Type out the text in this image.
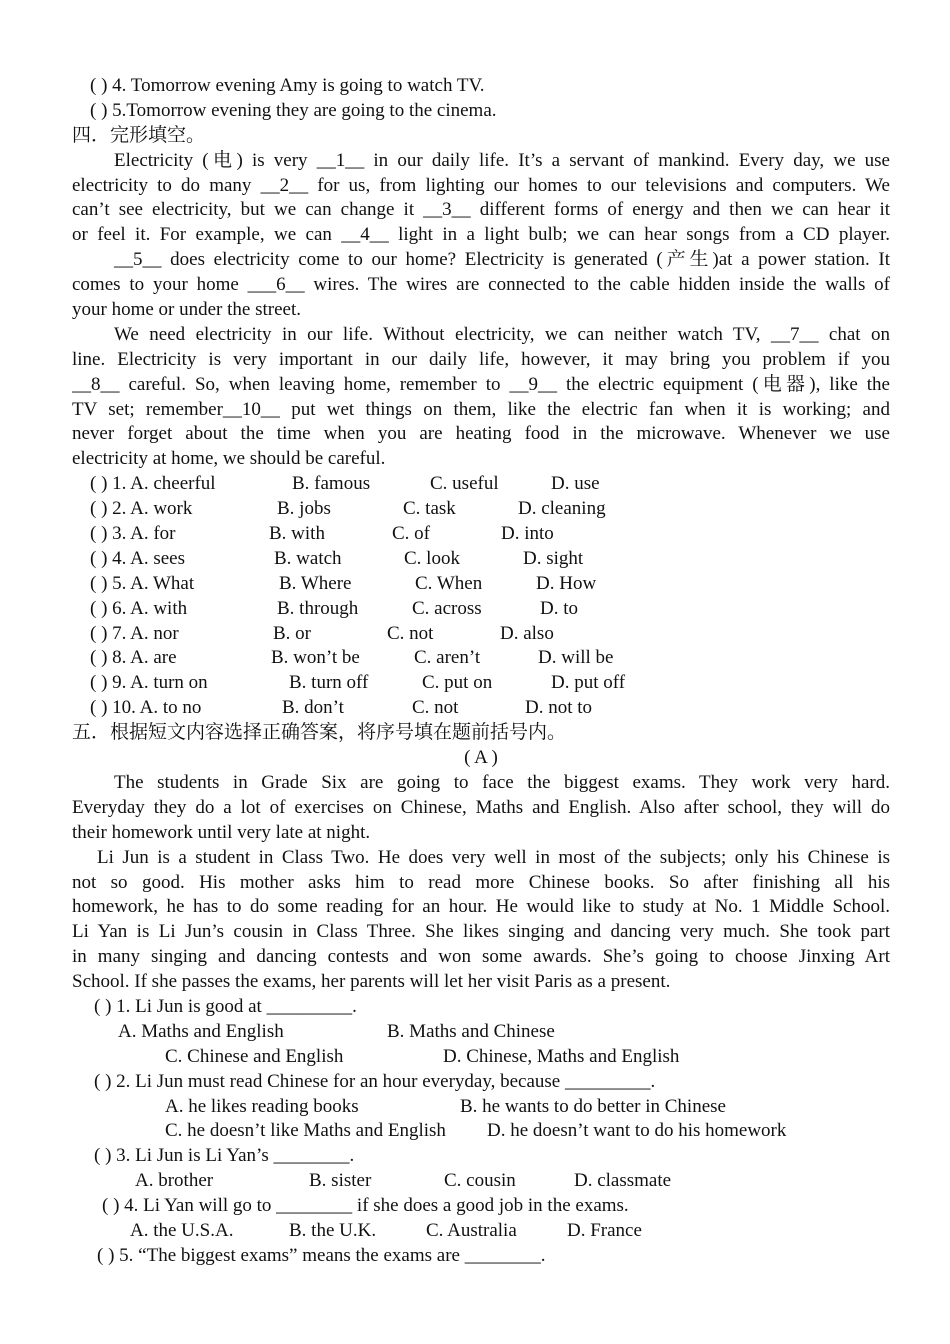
( ) 4. Tomorrow evening Amy is going to watch TV.
( ) 5.Tomorrow evening they are going to the cinema.
四．完形填空。
Electricity (电) is very __1__ in our daily life. It’s a servant of mankind. Every day, we use
electricity to do many __2__ for us, from lighting our homes to our televisions and computers. We
can’t see electricity, but we can change it __3__ different forms of energy and then we can hear it
or feel it. For example, we can __4__ light in a light bulb; we can hear songs from a CD player.
__5__ does electricity come to our home? Electricity is generated (产生)at a power station. It
comes to your home ___6__ wires. The wires are connected to the cable hidden inside the walls of
your home or under the street.
We need electricity in our life. Without electricity, we can neither watch TV, __7__ chat on
line. Electricity is very important in our daily life, however, it may bring you problem if you
__8__ careful. So, when leaving home, remember to __9__ the electric equipment (电器), like the
TV set; remember__10__ put wet things on them, like the electric fan when it is working; and
never forget about the time when you are heating food in the microwave. Whenever we use
electricity at home, we should be careful.
( ) 1. A. cheerful	B. famous	C. useful	D. use
( ) 2. A. work	B. jobs	C. task	D. cleaning
( ) 3. A. for	B. with	C. of	D. into
( ) 4. A. sees	B. watch	C. look	D. sight
( ) 5. A. What	B. Where	C. When	D. How
( ) 6. A. with	B. through	C. across	D. to
( ) 7. A. nor	B. or	C. not	D. also
( ) 8. A. are	B. won’t be	C. aren’t	D. will be
( ) 9. A. turn on	B. turn off	C. put on	D. put off
( ) 10. A. to no	B. don’t	C. not	D. not to
五．根据短文内容选择正确答案，将序号填在题前括号内。
( A )
The students in Grade Six are going to face the biggest exams. They work very hard.
Everyday they do a lot of exercises on Chinese, Maths and English. Also after school, they will do
their homework until very late at night.
Li Jun is a student in Class Two. He does very well in most of the subjects; only his Chinese is
not so good. His mother asks him to read more Chinese books. So after finishing all his
homework, he has to do some reading for an hour. He would like to study at No. 1 Middle School.
Li Yan is Li Jun’s cousin in Class Three. She likes singing and dancing very much. She took part
in many singing and dancing contests and won some awards. She’s going to choose Jinxing Art
School. If she passes the exams, her parents will let her visit Paris as a present.
( ) 1. Li Jun is good at _________.
A. Maths and English	B. Maths and Chinese
C. Chinese and English	D. Chinese, Maths and English
( ) 2. Li Jun must read Chinese for an hour everyday, because _________.
A. he likes reading books	B. he wants to do better in Chinese
C. he doesn’t like Maths and English D. he doesn’t want to do his homework
( ) 3. Li Jun is Li Yan’s ________.
A. brother	B. sister	C. cousin	D. classmate
( ) 4. Li Yan will go to ________ if she does a good job in the exams.
A. the U.S.A.	B. the U.K.	C. Australia	D. France
( ) 5. “The biggest exams” means the exams are ________.
